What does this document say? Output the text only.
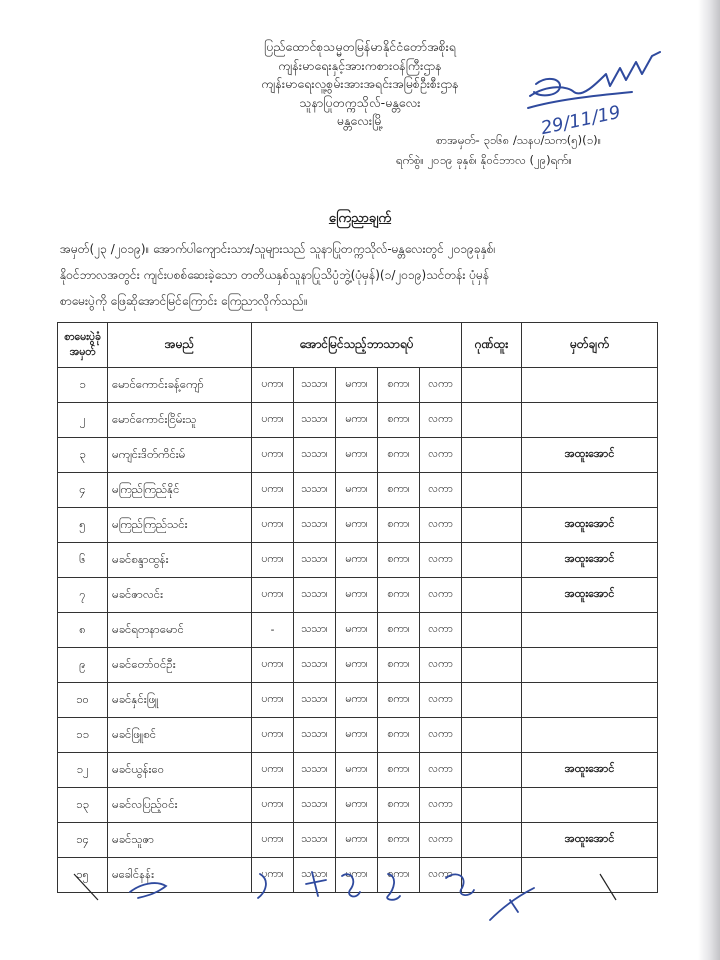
ပြည်ထောင်စုသမ္မတမြန်မာနိုင်ငံတော်အစိုးရ
ကျန်းမာရေးနှင့်အားကစားဝန်ကြီးဌာန
ကျန်းမာရေးလူ့စွမ်းအားအရင်းအမြစ်ဦးစီးဌာန
သူနာပြုတက္ကသိုလ်-မန္တလေး
မန္တလေးမြို့
စာအမှတ်- ၃၁၆၈ /သနပ/သက(၅)(၁)။
ရက်စွဲ။ ၂၀၁၉ ခုနှစ်၊ နိုဝင်ဘာလ (၂၉)ရက်။
ကြေညာချက်
အမှတ်(၂၃ /၂၀၁၉)။ အောက်ပါကျောင်းသား/သူများသည် သူနာပြုတက္ကသိုလ်-မန္တလေးတွင် ၂၀၁၉ခုနှစ်၊
နိုဝင်ဘာလအတွင်း ကျင်းပစစ်ဆေးခဲ့သော တတိယနှစ်သူနာပြုသိပ္ပံဘွဲ့(ပုံမှန်)(၁/၂၀၁၉)သင်တန်း ပုံမှန်
စာမေးပွဲကို ဖြေဆိုအောင်မြင်ကြောင်း ကြေညာလိုက်သည်။
စာမေးပွဲခုံအမှတ်	အမည်	အောင်မြင်သည့်ဘာသာရပ်					ဂုဏ်ထူး	မှတ်ချက်
၁	မောင်ကောင်းခန့်ကျော်	ပကာ၊	သသာ၊	မကာ၊	စကာ၊	လကာ		
၂	မောင်ကောင်းငြိမ်းသူ	ပကာ၊	သသာ၊	မကာ၊	စကာ၊	လကာ		
၃	မကျင်းဒိတ်ကိင်းမ်	ပကာ၊	သသာ၊	မကာ၊	စကာ၊	လကာ		အထူးအောင်
၄	မကြည်ကြည်နိုင်	ပကာ၊	သသာ၊	မကာ၊	စကာ၊	လကာ		
၅	မကြည်ကြည်သင်း	ပကာ၊	သသာ၊	မကာ၊	စကာ၊	လကာ		အထူးအောင်
၆	မခင်စန္ဒာထွန်း	ပကာ၊	သသာ၊	မကာ၊	စကာ၊	လကာ		အထူးအောင်
၇	မခင်ဇာလင်း	ပကာ၊	သသာ၊	မကာ၊	စကာ၊	လကာ		အထူးအောင်
၈	မခင်ရတနာမောင်	-	သသာ၊	မကာ၊	စကာ၊	လကာ		
၉	မခင်တော်ဝင်ဦး	ပကာ၊	သသာ၊	မကာ၊	စကာ၊	လကာ		
၁၀	မခင်နှင်းဖြူ	ပကာ၊	သသာ၊	မကာ၊	စကာ၊	လကာ		
၁၁	မခင်ဖြူစင်	ပကာ၊	သသာ၊	မကာ၊	စကာ၊	လကာ		
၁၂	မခင်ယွန်းဝေ	ပကာ၊	သသာ၊	မကာ၊	စကာ၊	လကာ		အထူးအောင်
၁၃	မခင်လပြည့်ဝင်း	ပကာ၊	သသာ၊	မကာ၊	စကာ၊	လကာ		
၁၄	မခင်သူဇာ	ပကာ၊	သသာ၊	မကာ၊	စကာ၊	လကာ		အထူးအောင်
၁၅	မခေါင်နန်း	ပကာ၊	သသာ၊	မကာ၊	စကာ၊	လကာ		
29/11/19
